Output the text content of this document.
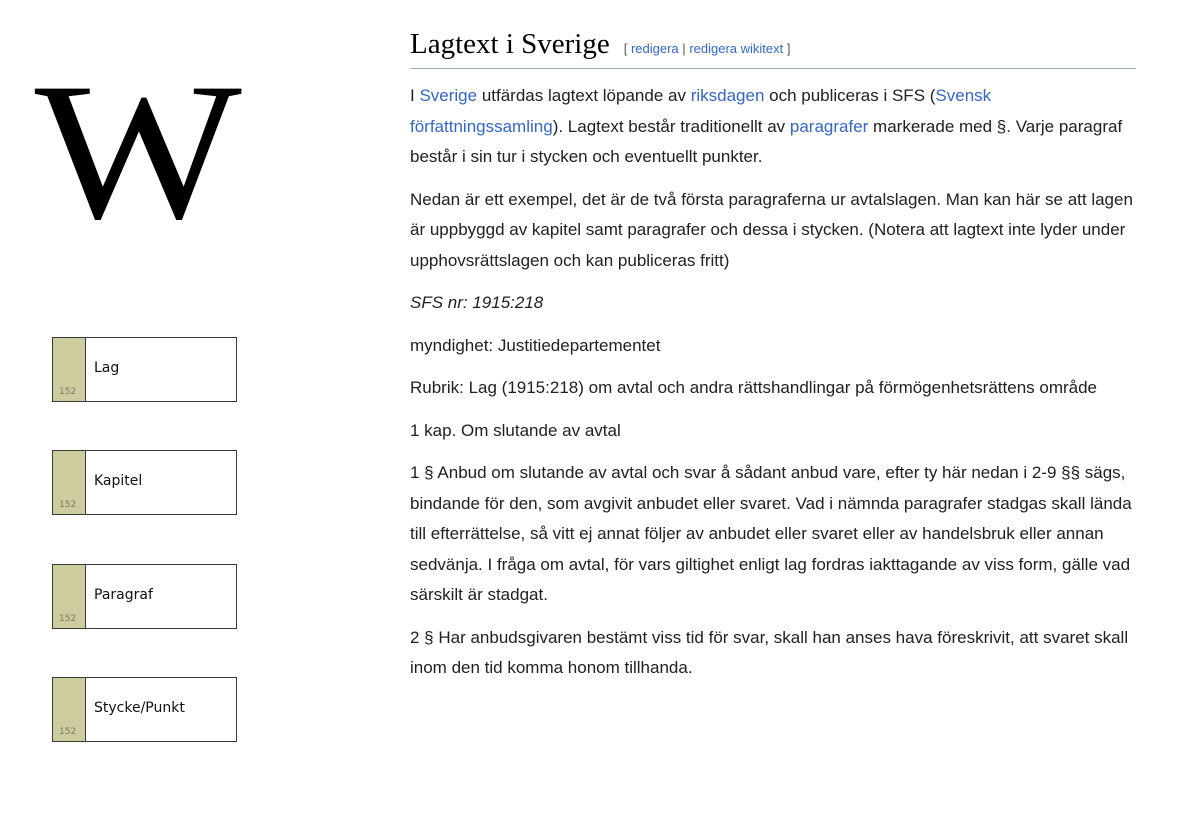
W
152
Lag
152
Kapitel
152
Paragraf
152
Stycke/Punkt
Lagtext i Sverige [ redigera | redigera wikitext ]

I Sverige utfärdas lagtext löpande av riksdagen och publiceras i SFS (Svensk författningssamling). Lagtext består traditionellt av paragrafer markerade med §. Varje paragraf består i sin tur i stycken och eventuellt punkter.

Nedan är ett exempel, det är de två första paragraferna ur avtalslagen. Man kan här se att lagen är uppbyggd av kapitel samt paragrafer och dessa i stycken. (Notera att lagtext inte lyder under upphovsrättslagen och kan publiceras fritt)

SFS nr: 1915:218

myndighet: Justitiedepartementet

Rubrik: Lag (1915:218) om avtal och andra rättshandlingar på förmögenhetsrättens område

1 kap. Om slutande av avtal

1 § Anbud om slutande av avtal och svar å sådant anbud vare, efter ty här nedan i 2-9 §§ sägs, bindande för den, som avgivit anbudet eller svaret. Vad i nämnda paragrafer stadgas skall lända till efterrättelse, så vitt ej annat följer av anbudet eller svaret eller av handelsbruk eller annan sedvänja. I fråga om avtal, för vars giltighet enligt lag fordras iakttagande av viss form, gälle vad särskilt är stadgat.

2 § Har anbudsgivaren bestämt viss tid för svar, skall han anses hava föreskrivit, att svaret skall inom den tid komma honom tillhanda.
